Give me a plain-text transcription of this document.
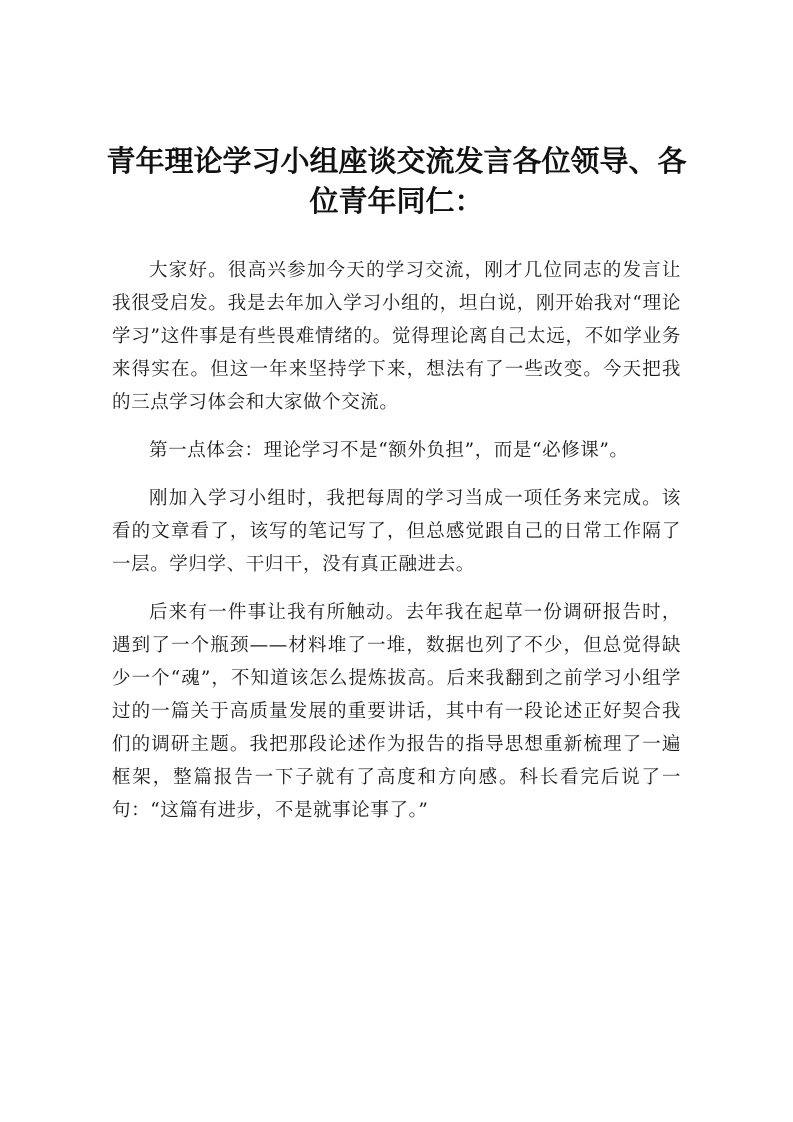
青年理论学习小组座谈交流发言各位领导、各位青年同仁：

大家好。很高兴参加今天的学习交流，刚才几位同志的发言让我很受启发。我是去年加入学习小组的，坦白说，刚开始我对“理论学习”这件事是有些畏难情绪的。觉得理论离自己太远，不如学业务来得实在。但这一年来坚持学下来，想法有了一些改变。今天把我的三点学习体会和大家做个交流。

第一点体会：理论学习不是“额外负担”，而是“必修课”。

刚加入学习小组时，我把每周的学习当成一项任务来完成。该看的文章看了，该写的笔记写了，但总感觉跟自己的日常工作隔了一层。学归学、干归干，没有真正融进去。

后来有一件事让我有所触动。去年我在起草一份调研报告时，遇到了一个瓶颈——材料堆了一堆，数据也列了不少，但总觉得缺少一个“魂”，不知道该怎么提炼拔高。后来我翻到之前学习小组学过的一篇关于高质量发展的重要讲话，其中有一段论述正好契合我们的调研主题。我把那段论述作为报告的指导思想重新梳理了一遍框架，整篇报告一下子就有了高度和方向感。科长看完后说了一句：“这篇有进步，不是就事论事了。”
